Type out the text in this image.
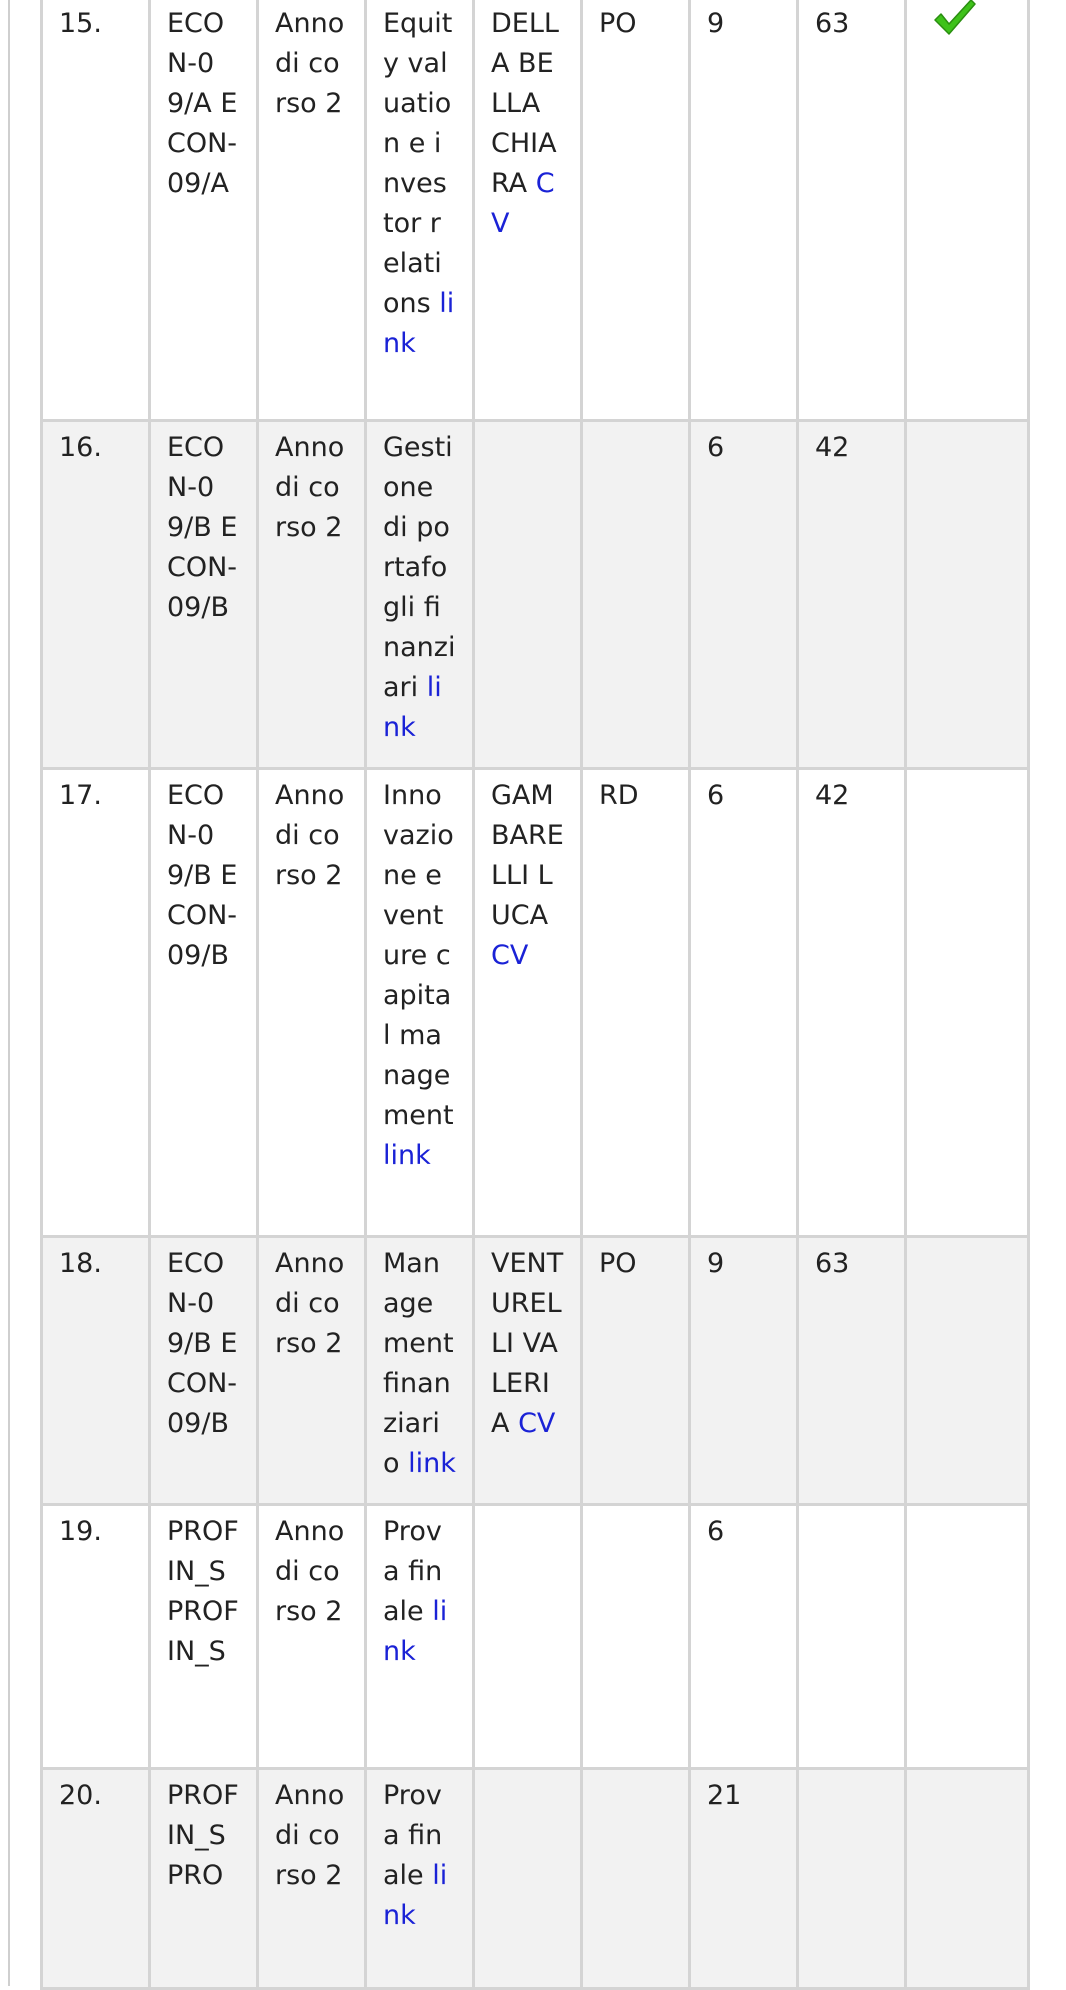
15.	ECON-09/A ECON-09/A	Anno di corso 2	Equity valuation e investor relations link	DELLA BELLA CHIARA CV	PO	9	63	
16.	ECON-09/B ECON-09/B	Anno di corso 2	Gestione di portafogli finanziari link			6	42	
17.	ECON-09/B ECON-09/B	Anno di corso 2	Innovazione e venture capital management link	GAMBARELLI LUCA CV	RD	6	42	
18.	ECON-09/B ECON-09/B	Anno di corso 2	Management finanziario link	VENTURELLI VALERIA CV	PO	9	63	
19.	PROFIN_S PROFIN_S	Anno di corso 2	Prova finale link			6		
20.	PROFIN_S PRO	Anno di corso 2	Prova finale link			21		
